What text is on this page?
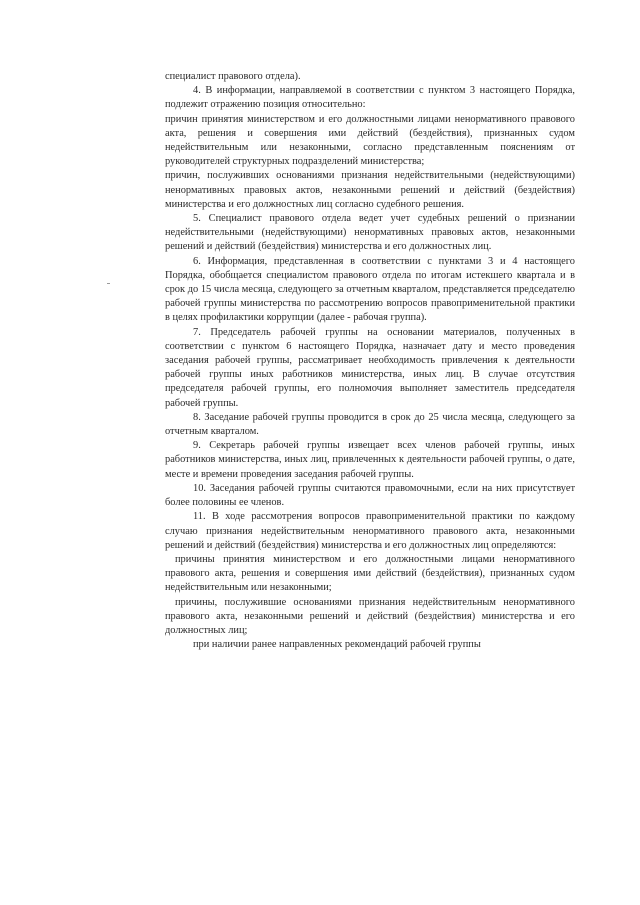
специалист правового отдела).

4. В информации, направляемой в соответствии с пунктом 3 настоящего Порядка, подлежит отражению позиция относительно:

причин принятия министерством и его должностными лицами ненормативного правового акта, решения и совершения ими действий (бездействия), признанных судом недействительным или незаконными, согласно представленным пояснениям от руководителей структурных подразделений министерства;

причин, послуживших основаниями признания недействительными (недействующими) ненормативных правовых актов, незаконными решений и действий (бездействия) министерства и его должностных лиц согласно судебного решения.

5. Специалист правового отдела ведет учет судебных решений о признании недействительными (недействующими) ненормативных правовых актов, незаконными решений и действий (бездействия) министерства и его должностных лиц.

6. Информация, представленная в соответствии с пунктами 3 и 4 настоящего Порядка, обобщается специалистом правового отдела по итогам истекшего квартала и в срок до 15 числа месяца, следующего за отчетным кварталом, представляется председателю рабочей группы министерства по рассмотрению вопросов правоприменительной практики в целях профилактики коррупции (далее - рабочая группа).

7. Председатель рабочей группы на основании материалов, полученных в соответствии с пунктом 6 настоящего Порядка, назначает дату и место проведения заседания рабочей группы, рассматривает необходимость привлечения к деятельности рабочей группы иных работников министерства, иных лиц. В случае отсутствия председателя рабочей группы, его полномочия выполняет заместитель председателя рабочей группы.

8. Заседание рабочей группы проводится в срок до 25 числа месяца, следующего за отчетным кварталом.

9. Секретарь рабочей группы извещает всех членов рабочей группы, иных работников министерства, иных лиц, привлеченных к деятельности рабочей группы, о дате, месте и времени проведения заседания рабочей группы.

10. Заседания рабочей группы считаются правомочными, если на них присутствует более половины ее членов.

11. В ходе рассмотрения вопросов правоприменительной практики по каждому случаю признания недействительным ненормативного правового акта, незаконными решений и действий (бездействия) министерства и его должностных лиц определяются:

причины принятия министерством и его должностными лицами ненормативного правового акта, решения и совершения ими действий (бездействия), признанных судом недействительным или незаконными;

причины, послужившие основаниями признания недействительным ненормативного правового акта, незаконными решений и действий (бездействия) министерства и его должностных лиц;

при наличии ранее направленных рекомендаций рабочей группы
